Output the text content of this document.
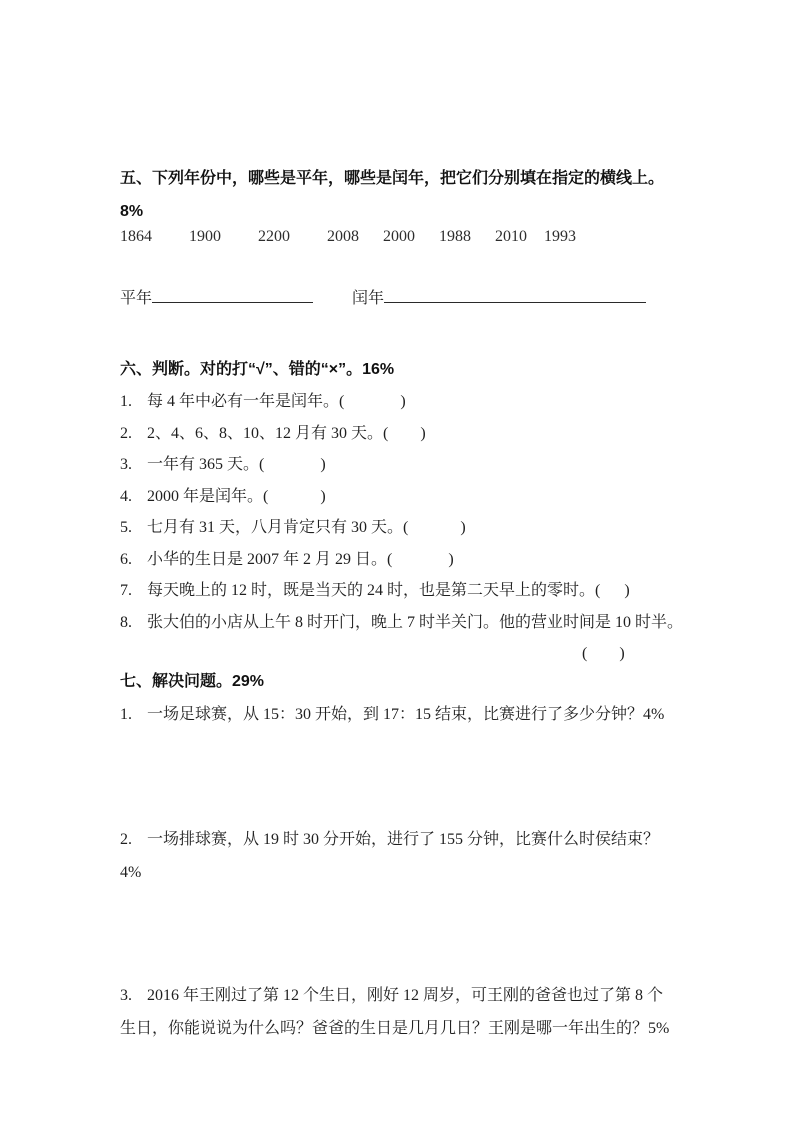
五、下列年份中，哪些是平年，哪些是闰年，把它们分别填在指定的横线上。
8%
1864 1900 2200 2008 2000 1988 2010 1993
平年	闰年
六、判断。对的打“√”、错的“×”。16%
1. 每 4 年中必有一年是闰年。(              )
2. 2、4、6、8、10、12 月有 30 天。(        )
3. 一年有 365 天。(              )
4. 2000 年是闰年。(             )
5. 七月有 31 天，八月肯定只有 30 天。(             )
6. 小华的生日是 2007 年 2 月 29 日。(              )
7. 每天晚上的 12 时，既是当天的 24 时，也是第二天早上的零时。(      )
8. 张大伯的小店从上午 8 时开门，晚上 7 时半关门。他的营业时间是 10 时半。
(        )
七、解决问题。29%
1. 一场足球赛，从 15：30 开始，到 17：15 结束，比赛进行了多少分钟？4%
2. 一场排球赛，从 19 时 30 分开始，进行了 155 分钟，比赛什么时侯结束？4%
3. 2016 年王刚过了第 12 个生日，刚好 12 周岁，可王刚的爸爸也过了第 8 个生日，你能说说为什么吗？爸爸的生日是几月几日？王刚是哪一年出生的？5%
